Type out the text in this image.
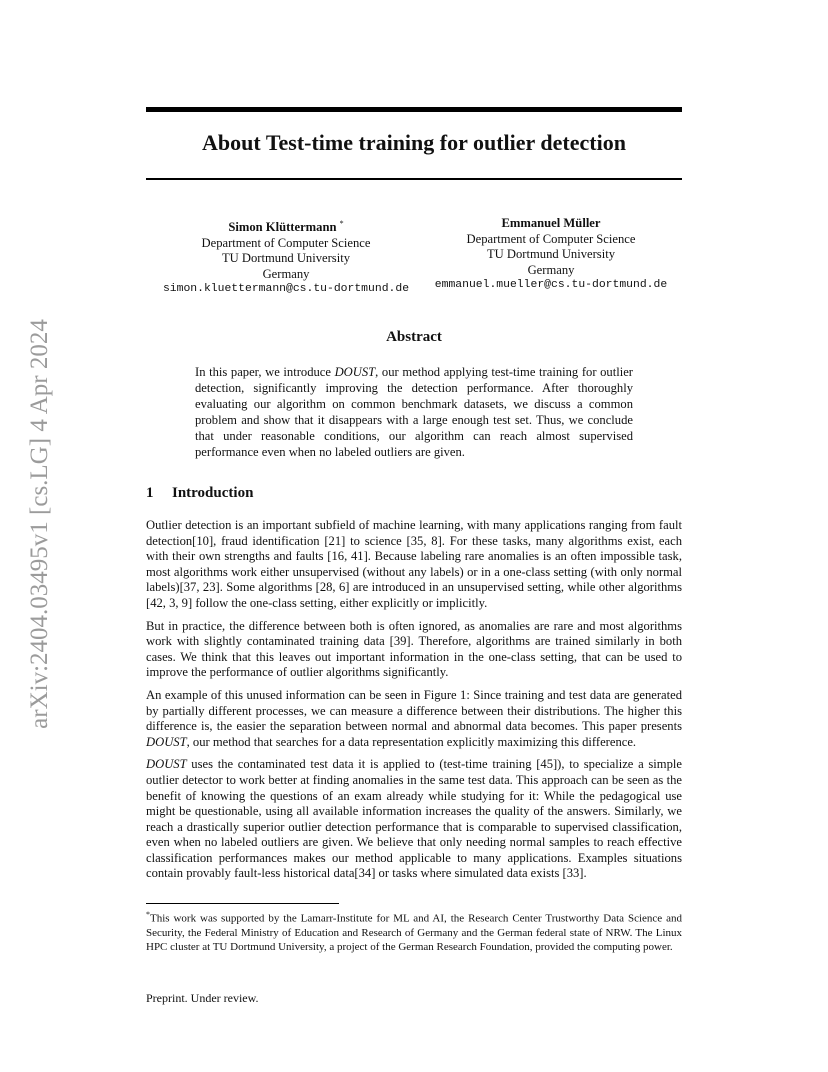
arXiv:2404.03495v1 [cs.LG] 4 Apr 2024
About Test-time training for outlier detection
Simon Klüttermann *
Department of Computer Science
TU Dortmund University
Germany
simon.kluettermann@cs.tu-dortmund.de
Emmanuel Müller
Department of Computer Science
TU Dortmund University
Germany
emmanuel.mueller@cs.tu-dortmund.de
Abstract
In this paper, we introduce DOUST, our method applying test-time training for outlier detection, significantly improving the detection performance. After thoroughly evaluating our algorithm on common benchmark datasets, we discuss a common problem and show that it disappears with a large enough test set. Thus, we conclude that under reasonable conditions, our algorithm can reach almost supervised performance even when no labeled outliers are given.
1 Introduction

Outlier detection is an important subfield of machine learning, with many applications ranging from fault detection[10], fraud identification [21] to science [35, 8]. For these tasks, many algorithms exist, each with their own strengths and faults [16, 41]. Because labeling rare anomalies is an often impossible task, most algorithms work either unsupervised (without any labels) or in a one-class setting (with only normal labels)[37, 23]. Some algorithms [28, 6] are introduced in an unsupervised setting, while other algorithms [42, 3, 9] follow the one-class setting, either explicitly or implicitly.

But in practice, the difference between both is often ignored, as anomalies are rare and most algorithms work with slightly contaminated training data [39]. Therefore, algorithms are trained similarly in both cases. We think that this leaves out important information in the one-class setting, that can be used to improve the performance of outlier algorithms significantly.

An example of this unused information can be seen in Figure 1: Since training and test data are generated by partially different processes, we can measure a difference between their distributions. The higher this difference is, the easier the separation between normal and abnormal data becomes. This paper presents DOUST, our method that searches for a data representation explicitly maximizing this difference.

DOUST uses the contaminated test data it is applied to (test-time training [45]), to specialize a simple outlier detector to work better at finding anomalies in the same test data. This approach can be seen as the benefit of knowing the questions of an exam already while studying for it: While the pedagogical use might be questionable, using all available information increases the quality of the answers. Similarly, we reach a drastically superior outlier detection performance that is comparable to supervised classification, even when no labeled outliers are given. We believe that only needing normal samples to reach effective classification performances makes our method applicable to many applications. Examples situations contain provably fault-less historical data[34] or tasks where simulated data exists [33].

*This work was supported by the Lamarr-Institute for ML and AI, the Research Center Trustworthy Data Science and Security, the Federal Ministry of Education and Research of Germany and the German federal state of NRW. The Linux HPC cluster at TU Dortmund University, a project of the German Research Foundation, provided the computing power.
Preprint. Under review.
